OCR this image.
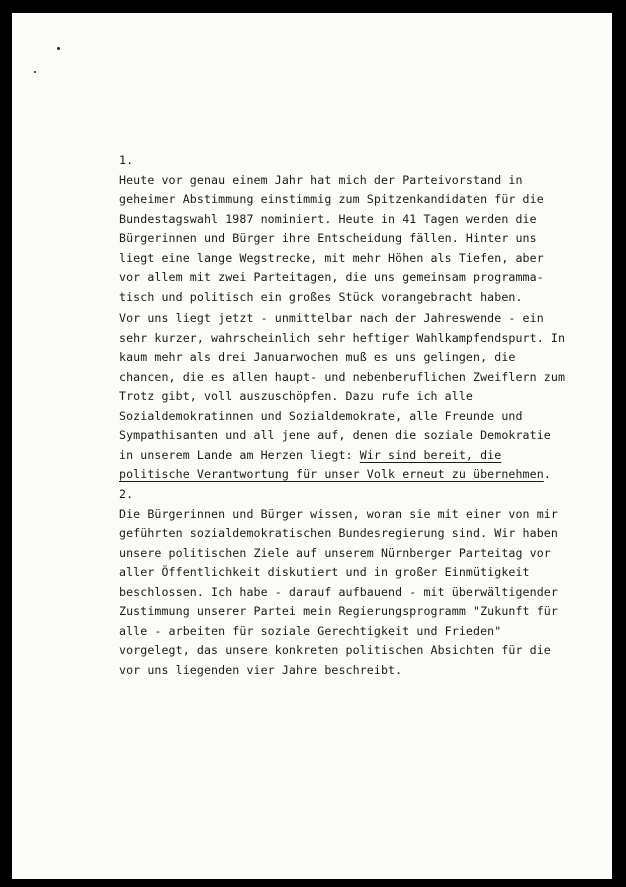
1.
Heute vor genau einem Jahr hat mich der Parteivorstand in
geheimer Abstimmung einstimmig zum Spitzenkandidaten für die
Bundestagswahl 1987 nominiert. Heute in 41 Tagen werden die
Bürgerinnen und Bürger ihre Entscheidung fällen. Hinter uns
liegt eine lange Wegstrecke, mit mehr Höhen als Tiefen, aber
vor allem mit zwei Parteitagen, die uns gemeinsam programma-
tisch und politisch ein großes Stück vorangebracht haben.
Vor uns liegt jetzt - unmittelbar nach der Jahreswende - ein
sehr kurzer, wahrscheinlich sehr heftiger Wahlkampfendspurt. In
kaum mehr als drei Januarwochen muß es uns gelingen, die
chancen, die es allen haupt- und nebenberuflichen Zweiflern zum
Trotz gibt, voll auszuschöpfen. Dazu rufe ich alle
Sozialdemokratinnen und Sozialdemokrate, alle Freunde und
Sympathisanten und all jene auf, denen die soziale Demokratie
in unserem Lande am Herzen liegt: Wir sind bereit, die
politische Verantwortung für unser Volk erneut zu übernehmen.
2.
Die Bürgerinnen und Bürger wissen, woran sie mit einer von mir
geführten sozialdemokratischen Bundesregierung sind. Wir haben
unsere politischen Ziele auf unserem Nürnberger Parteitag vor
aller Öffentlichkeit diskutiert und in großer Einmütigkeit
beschlossen. Ich habe - darauf aufbauend - mit überwältigender
Zustimmung unserer Partei mein Regierungsprogramm "Zukunft für
alle - arbeiten für soziale Gerechtigkeit und Frieden"
vorgelegt, das unsere konkreten politischen Absichten für die
vor uns liegenden vier Jahre beschreibt.
